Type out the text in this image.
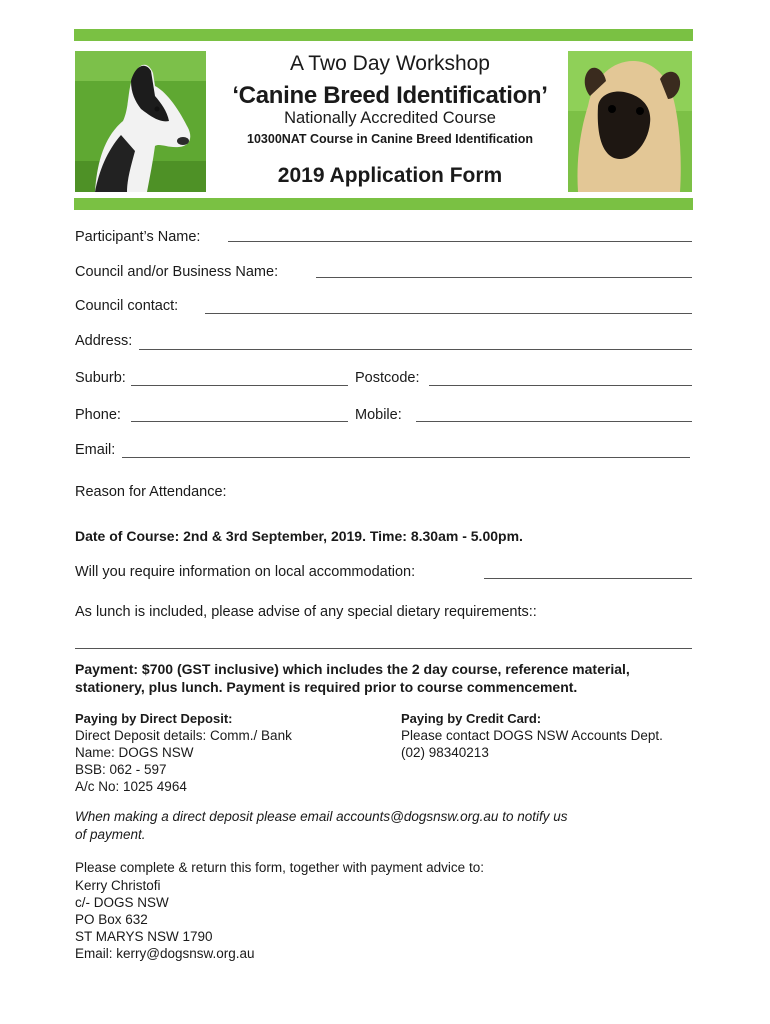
A Two Day Workshop
‘Canine Breed Identification’
Nationally Accredited Course
10300NAT Course in Canine Breed Identification
2019 Application Form
Participant’s Name:
Council and/or Business Name:
Council contact:
Address:
Suburb:	Postcode:
Phone:	Mobile:
Email:
Reason for Attendance:
Date of Course: 2nd & 3rd September, 2019. Time: 8.30am - 5.00pm.
Will you require information on local accommodation:
As lunch is included, please advise of any special dietary requirements::
Payment: $700 (GST inclusive) which includes the 2 day course, reference material,
stationery, plus lunch. Payment is required prior to course commencement.
Paying by Direct Deposit:
Direct Deposit details: Comm./ Bank
Name: DOGS NSW
BSB: 062 - 597
A/c No: 1025 4964
Paying by Credit Card:
Please contact DOGS NSW Accounts Dept.
(02) 98340213
When making a direct deposit please email accounts@dogsnsw.org.au to notify us
of payment.
Please complete & return this form, together with payment advice to:
Kerry Christofi
c/- DOGS NSW
PO Box 632
ST MARYS NSW 1790
Email: kerry@dogsnsw.org.au
